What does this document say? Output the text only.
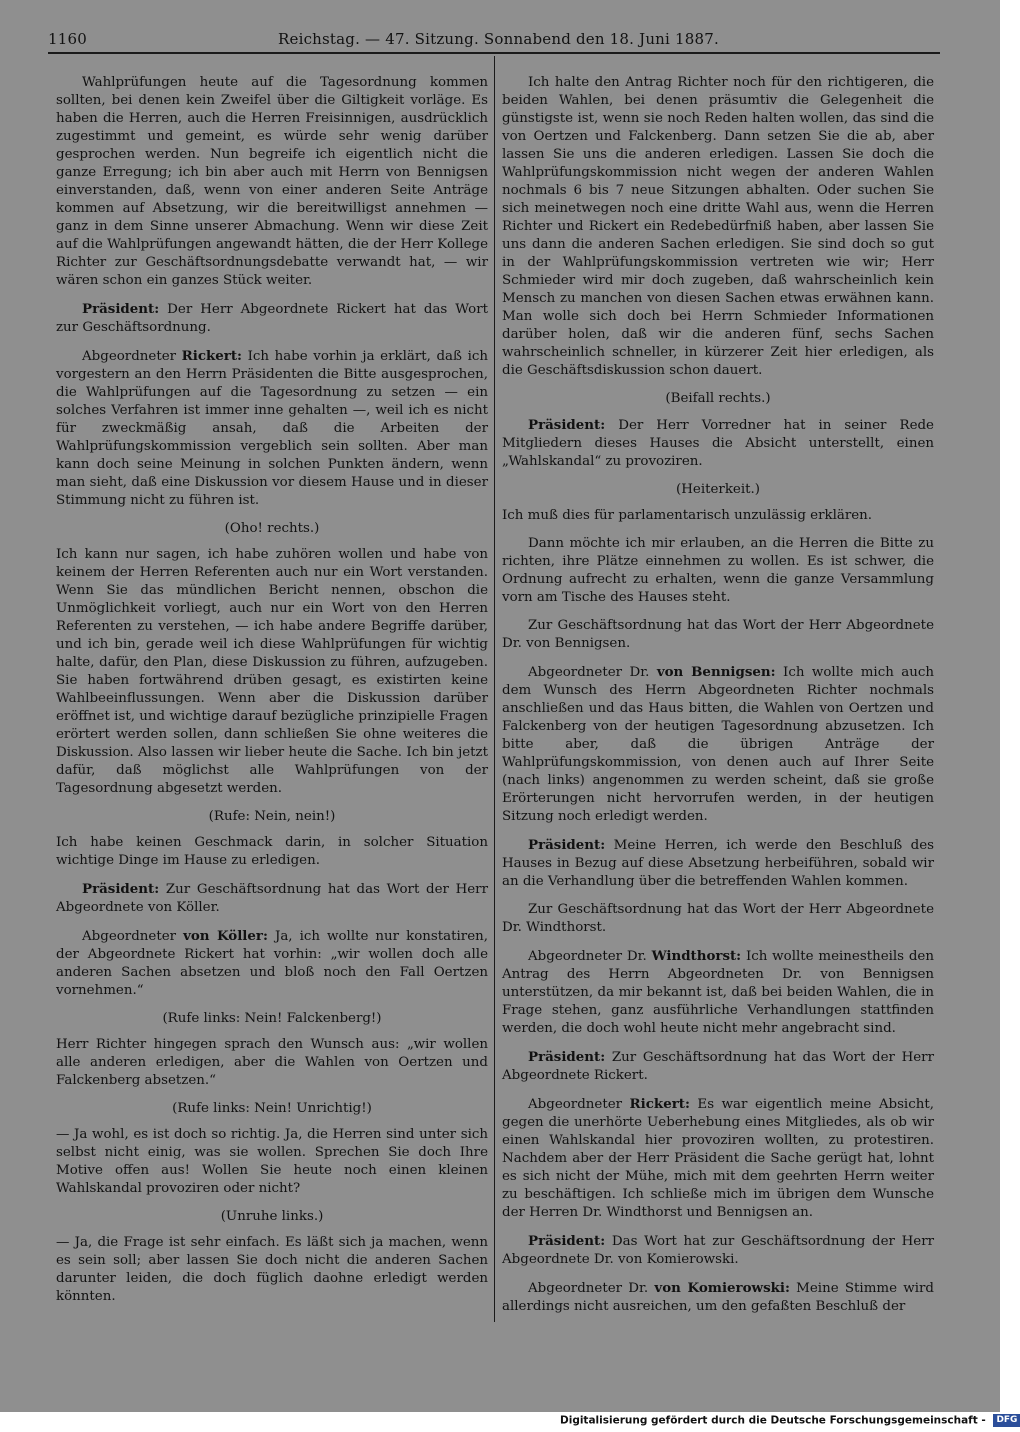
1160	Reichstag. — 47. Sitzung. Sonnabend den 18. Juni 1887.

Wahlprüfungen heute auf die Tagesordnung kommen sollten, bei denen kein Zweifel über die Giltigkeit vorläge. Es haben die Herren, auch die Herren Freisinnigen, ausdrücklich zugestimmt und gemeint, es würde sehr wenig darüber gesprochen werden. Nun begreife ich eigentlich nicht die ganze Erregung; ich bin aber auch mit Herrn von Bennigsen einverstanden, daß, wenn von einer anderen Seite Anträge kommen auf Absetzung, wir die bereitwilligst annehmen — ganz in dem Sinne unserer Abmachung. Wenn wir diese Zeit auf die Wahlprüfungen angewandt hätten, die der Herr Kollege Richter zur Geschäftsordnungsdebatte verwandt hat, — wir wären schon ein ganzes Stück weiter.

Präsident: Der Herr Abgeordnete Rickert hat das Wort zur Geschäftsordnung.

Abgeordneter Rickert: Ich habe vorhin ja erklärt, daß ich vorgestern an den Herrn Präsidenten die Bitte ausgesprochen, die Wahlprüfungen auf die Tagesordnung zu setzen — ein solches Verfahren ist immer inne gehalten —, weil ich es nicht für zweckmäßig ansah, daß die Arbeiten der Wahlprüfungskommission vergeblich sein sollten. Aber man kann doch seine Meinung in solchen Punkten ändern, wenn man sieht, daß eine Diskussion vor diesem Hause und in dieser Stimmung nicht zu führen ist.

(Oho! rechts.)

Ich kann nur sagen, ich habe zuhören wollen und habe von keinem der Herren Referenten auch nur ein Wort verstanden. Wenn Sie das mündlichen Bericht nennen, obschon die Unmöglichkeit vorliegt, auch nur ein Wort von den Herren Referenten zu verstehen, — ich habe andere Begriffe darüber, und ich bin, gerade weil ich diese Wahlprüfungen für wichtig halte, dafür, den Plan, diese Diskussion zu führen, aufzugeben. Sie haben fortwährend drüben gesagt, es existirten keine Wahlbeeinflussungen. Wenn aber die Diskussion darüber eröffnet ist, und wichtige darauf bezügliche prinzipielle Fragen erörtert werden sollen, dann schließen Sie ohne weiteres die Diskussion. Also lassen wir lieber heute die Sache. Ich bin jetzt dafür, daß möglichst alle Wahlprüfungen von der Tagesordnung abgesetzt werden.

(Rufe: Nein, nein!)

Ich habe keinen Geschmack darin, in solcher Situation wichtige Dinge im Hause zu erledigen.

Präsident: Zur Geschäftsordnung hat das Wort der Herr Abgeordnete von Köller.

Abgeordneter von Köller: Ja, ich wollte nur konstatiren, der Abgeordnete Rickert hat vorhin: „wir wollen doch alle anderen Sachen absetzen und bloß noch den Fall Oertzen vornehmen.“

(Rufe links: Nein! Falckenberg!)

Herr Richter hingegen sprach den Wunsch aus: „wir wollen alle anderen erledigen, aber die Wahlen von Oertzen und Falckenberg absetzen.“

(Rufe links: Nein! Unrichtig!)

— Ja wohl, es ist doch so richtig. Ja, die Herren sind unter sich selbst nicht einig, was sie wollen. Sprechen Sie doch Ihre Motive offen aus! Wollen Sie heute noch einen kleinen Wahlskandal provoziren oder nicht?

(Unruhe links.)

— Ja, die Frage ist sehr einfach. Es läßt sich ja machen, wenn es sein soll; aber lassen Sie doch nicht die anderen Sachen darunter leiden, die doch füglich daohne erledigt werden könnten.

Ich halte den Antrag Richter noch für den richtigeren, die beiden Wahlen, bei denen präsumtiv die Gelegenheit die günstigste ist, wenn sie noch Reden halten wollen, das sind die von Oertzen und Falckenberg. Dann setzen Sie die ab, aber lassen Sie uns die anderen erledigen. Lassen Sie doch die Wahlprüfungskommission nicht wegen der anderen Wahlen nochmals 6 bis 7 neue Sitzungen abhalten. Oder suchen Sie sich meinetwegen noch eine dritte Wahl aus, wenn die Herren Richter und Rickert ein Redebedürfniß haben, aber lassen Sie uns dann die anderen Sachen erledigen. Sie sind doch so gut in der Wahlprüfungskommission vertreten wie wir; Herr Schmieder wird mir doch zugeben, daß wahrscheinlich kein Mensch zu manchen von diesen Sachen etwas erwähnen kann. Man wolle sich doch bei Herrn Schmieder Informationen darüber holen, daß wir die anderen fünf, sechs Sachen wahrscheinlich schneller, in kürzerer Zeit hier erledigen, als die Geschäftsdiskussion schon dauert.

(Beifall rechts.)

Präsident: Der Herr Vorredner hat in seiner Rede Mitgliedern dieses Hauses die Absicht unterstellt, einen „Wahlskandal“ zu provoziren.

(Heiterkeit.)

Ich muß dies für parlamentarisch unzulässig erklären.

Dann möchte ich mir erlauben, an die Herren die Bitte zu richten, ihre Plätze einnehmen zu wollen. Es ist schwer, die Ordnung aufrecht zu erhalten, wenn die ganze Versammlung vorn am Tische des Hauses steht.

Zur Geschäftsordnung hat das Wort der Herr Abgeordnete Dr. von Bennigsen.

Abgeordneter Dr. von Bennigsen: Ich wollte mich auch dem Wunsch des Herrn Abgeordneten Richter nochmals anschließen und das Haus bitten, die Wahlen von Oertzen und Falckenberg von der heutigen Tagesordnung abzusetzen. Ich bitte aber, daß die übrigen Anträge der Wahlprüfungskommission, von denen auch auf Ihrer Seite (nach links) angenommen zu werden scheint, daß sie große Erörterungen nicht hervorrufen werden, in der heutigen Sitzung noch erledigt werden.

Präsident: Meine Herren, ich werde den Beschluß des Hauses in Bezug auf diese Absetzung herbeiführen, sobald wir an die Verhandlung über die betreffenden Wahlen kommen.

Zur Geschäftsordnung hat das Wort der Herr Abgeordnete Dr. Windthorst.

Abgeordneter Dr. Windthorst: Ich wollte meinestheils den Antrag des Herrn Abgeordneten Dr. von Bennigsen unterstützen, da mir bekannt ist, daß bei beiden Wahlen, die in Frage stehen, ganz ausführliche Verhandlungen stattfinden werden, die doch wohl heute nicht mehr angebracht sind.

Präsident: Zur Geschäftsordnung hat das Wort der Herr Abgeordnete Rickert.

Abgeordneter Rickert: Es war eigentlich meine Absicht, gegen die unerhörte Ueberhebung eines Mitgliedes, als ob wir einen Wahlskandal hier provoziren wollten, zu protestiren. Nachdem aber der Herr Präsident die Sache gerügt hat, lohnt es sich nicht der Mühe, mich mit dem geehrten Herrn weiter zu beschäftigen. Ich schließe mich im übrigen dem Wunsche der Herren Dr. Windthorst und Bennigsen an.

Präsident: Das Wort hat zur Geschäftsordnung der Herr Abgeordnete Dr. von Komierowski.

Abgeordneter Dr. von Komierowski: Meine Stimme wird allerdings nicht ausreichen, um den gefaßten Beschluß der

Digitalisierung gefördert durch die Deutsche Forschungsgemeinschaft - DFG
